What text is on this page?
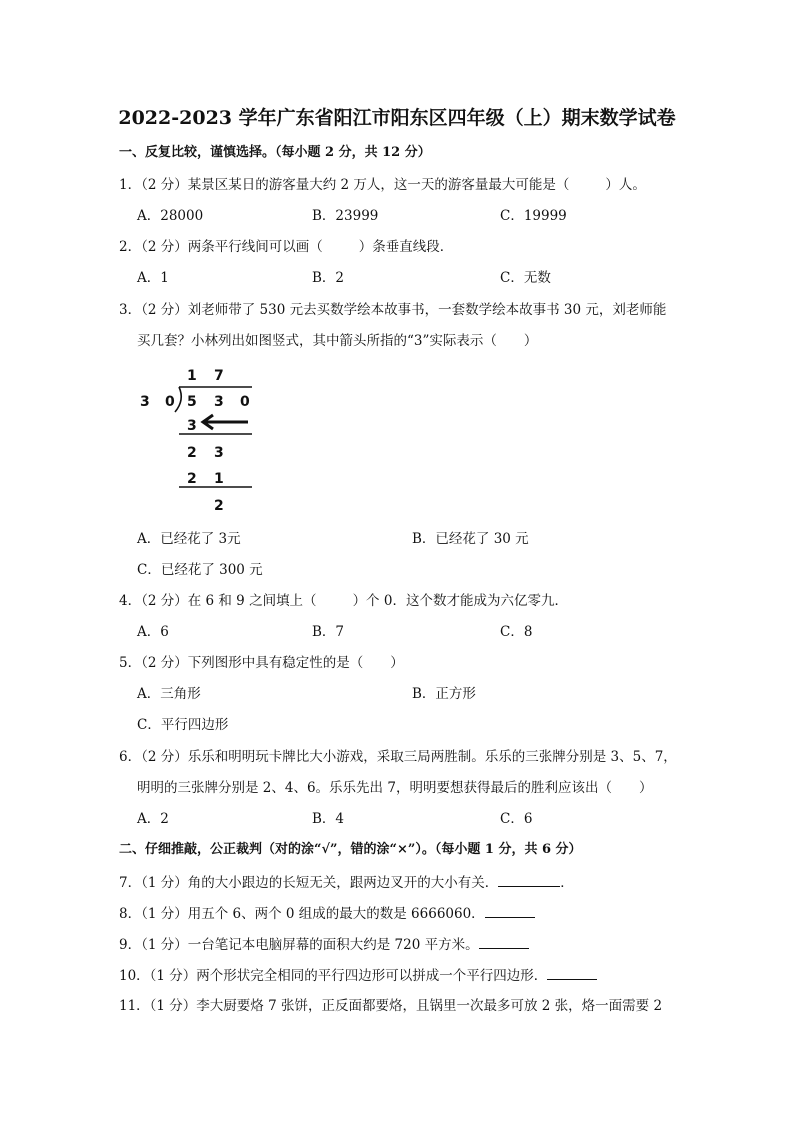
2022-2023 学年广东省阳江市阳东区四年级（上）期末数学试卷
一、反复比较，谨慎选择。（每小题 2 分，共 12 分）
1．（2 分）某景区某日的游客量大约 2 万人，这一天的游客量最大可能是（	）人。
A．28000	B．23999	C．19999
2．（2 分）两条平行线间可以画（	）条垂直线段．
A．1	B．2	C．无数
3．（2 分）刘老师带了 530 元去买数学绘本故事书，一套数学绘本故事书 30 元，刘老师能
买几套？小林列出如图竖式，其中箭头所指的“3”实际表示（　　）
1 7
3 0 5 3 0
3
2 3
2 1
2
A．已经花了 3元	B．已经花了 30 元
C．已经花了 300 元
4．（2 分）在 6 和 9 之间填上（	）个 0．这个数才能成为六亿零九．
A．6	B．7	C．8
5．（2 分）下列图形中具有稳定性的是（　　）
A．三角形	B．正方形
C．平行四边形
6．（2 分）乐乐和明明玩卡牌比大小游戏，采取三局两胜制。乐乐的三张牌分别是 3、5、7，
明明的三张牌分别是 2、4、6。乐乐先出 7，明明要想获得最后的胜利应该出（　　）
A．2	B．4	C．6
二、仔细推敲，公正裁判（对的涂“√”，错的涂“×”）。（每小题 1 分，共 6 分）
7．（1 分）角的大小跟边的长短无关，跟两边叉开的大小有关．	．
8．（1 分）用五个 6、两个 0 组成的最大的数是 6666060．
9．（1 分）一台笔记本电脑屏幕的面积大约是 720 平方米。
10．（1 分）两个形状完全相同的平行四边形可以拼成一个平行四边形．
11．（1 分）李大厨要烙 7 张饼，正反面都要烙，且锅里一次最多可放 2 张，烙一面需要 2
